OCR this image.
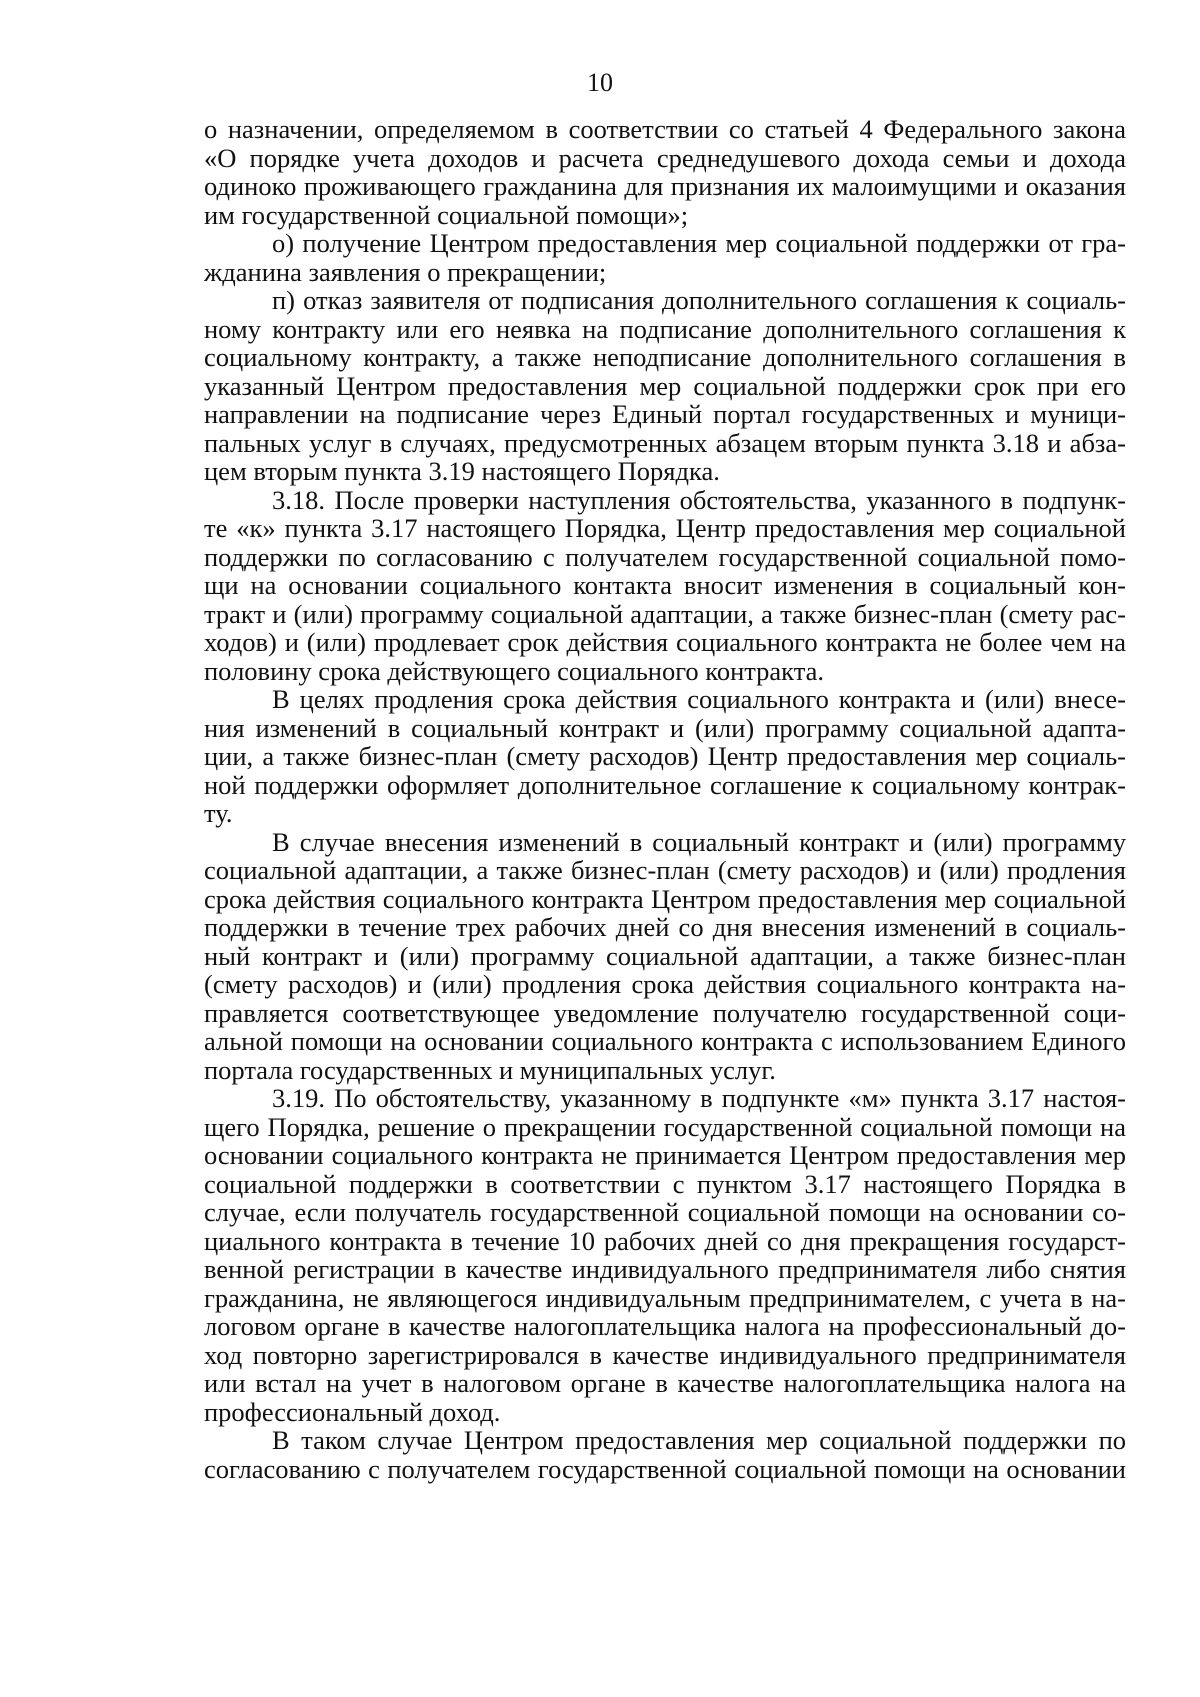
10
о назначении, определяемом в соответствии со статьей 4 Федерального закона
«О порядке учета доходов и расчета среднедушевого дохода семьи и дохода
одиноко проживающего гражданина для признания их малоимущими и оказания
им государственной социальной помощи»;
о) получение Центром предоставления мер социальной поддержки от гра-
жданина заявления о прекращении;
п) отказ заявителя от подписания дополнительного соглашения к социаль-
ному контракту или его неявка на подписание дополнительного соглашения к
социальному контракту, а также неподписание дополнительного соглашения в
указанный Центром предоставления мер социальной поддержки срок при его
направлении на подписание через Единый портал государственных и муници-
пальных услуг в случаях, предусмотренных абзацем вторым пункта 3.18 и абза-
цем вторым пункта 3.19 настоящего Порядка.
3.18. После проверки наступления обстоятельства, указанного в подпунк-
те «к» пункта 3.17 настоящего Порядка, Центр предоставления мер социальной
поддержки по согласованию с получателем государственной социальной помо-
щи на основании социального контакта вносит изменения в социальный кон-
тракт и (или) программу социальной адаптации, а также бизнес-план (смету рас-
ходов) и (или) продлевает срок действия социального контракта не более чем на
половину срока действующего социального контракта.
В целях продления срока действия социального контракта и (или) внесе-
ния изменений в социальный контракт и (или) программу социальной адапта-
ции, а также бизнес-план (смету расходов) Центр предоставления мер социаль-
ной поддержки оформляет дополнительное соглашение к социальному контрак-
ту.
В случае внесения изменений в социальный контракт и (или) программу
социальной адаптации, а также бизнес-план (смету расходов) и (или) продления
срока действия социального контракта Центром предоставления мер социальной
поддержки в течение трех рабочих дней со дня внесения изменений в социаль-
ный контракт и (или) программу социальной адаптации, а также бизнес-план
(смету расходов) и (или) продления срока действия социального контракта на-
правляется соответствующее уведомление получателю государственной соци-
альной помощи на основании социального контракта с использованием Единого
портала государственных и муниципальных услуг.
3.19. По обстоятельству, указанному в подпункте «м» пункта 3.17 настоя-
щего Порядка, решение о прекращении государственной социальной помощи на
основании социального контракта не принимается Центром предоставления мер
социальной поддержки в соответствии с пунктом 3.17 настоящего Порядка в
случае, если получатель государственной социальной помощи на основании со-
циального контракта в течение 10 рабочих дней со дня прекращения государст-
венной регистрации в качестве индивидуального предпринимателя либо снятия
гражданина, не являющегося индивидуальным предпринимателем, с учета в на-
логовом органе в качестве налогоплательщика налога на профессиональный до-
ход повторно зарегистрировался в качестве индивидуального предпринимателя
или встал на учет в налоговом органе в качестве налогоплательщика налога на
профессиональный доход.
В таком случае Центром предоставления мер социальной поддержки по
согласованию с получателем государственной социальной помощи на основании
